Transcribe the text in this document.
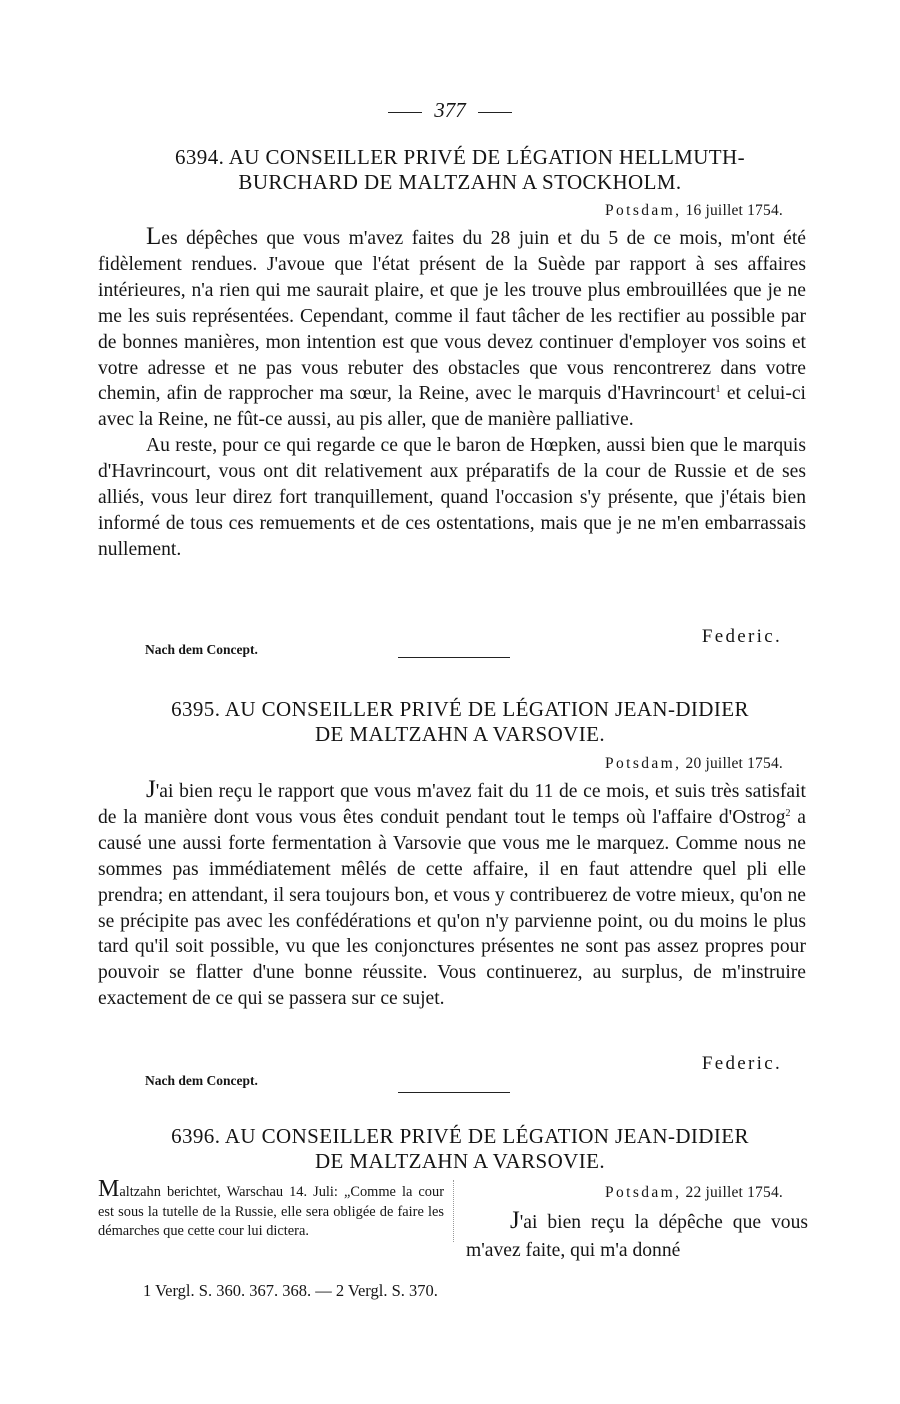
377
6394. AU CONSEILLER PRIVÉ DE LÉGATION HELLMUTH-
BURCHARD DE MALTZAHN A STOCKHOLM.
Potsdam, 16 juillet 1754.

Les dépêches que vous m'avez faites du 28 juin et du 5 de ce mois, m'ont été fidèlement rendues. J'avoue que l'état présent de la Suède par rapport à ses affaires intérieures, n'a rien qui me saurait plaire, et que je les trouve plus embrouillées que je ne me les suis représentées. Cependant, comme il faut tâcher de les rectifier au possible par de bonnes manières, mon intention est que vous devez continuer d'employer vos soins et votre adresse et ne pas vous rebuter des obstacles que vous rencontrerez dans votre chemin, afin de rapprocher ma sœur, la Reine, avec le marquis d'Havrincourt$^1$ et celui-ci avec la Reine, ne fût-ce aussi, au pis aller, que de manière palliative.

Au reste, pour ce qui regarde ce que le baron de Hœpken, aussi bien que le marquis d'Havrincourt, vous ont dit relativement aux préparatifs de la cour de Russie et de ses alliés, vous leur direz fort tranquillement, quand l'occasion s'y présente, que j'étais bien informé de tous ces remuements et de ces ostentations, mais que je ne m'en embarrassais nullement.

Federic.
Nach dem Concept.
6395. AU CONSEILLER PRIVÉ DE LÉGATION JEAN-DIDIER
DE MALTZAHN A VARSOVIE.
Potsdam, 20 juillet 1754.

J'ai bien reçu le rapport que vous m'avez fait du 11 de ce mois, et suis très satisfait de la manière dont vous vous êtes conduit pendant tout le temps où l'affaire d'Ostrog$^2$ a causé une aussi forte fermentation à Varsovie que vous me le marquez. Comme nous ne sommes pas immédiatement mêlés de cette affaire, il en faut attendre quel pli elle prendra; en attendant, il sera toujours bon, et vous y contribuerez de votre mieux, qu'on ne se précipite pas avec les confédérations et qu'on n'y parvienne point, ou du moins le plus tard qu'il soit possible, vu que les conjonctures présentes ne sont pas assez propres pour pouvoir se flatter d'une bonne réussite. Vous continuerez, au surplus, de m'instruire exactement de ce qui se passera sur ce sujet.

Federic.
Nach dem Concept.
6396. AU CONSEILLER PRIVÉ DE LÉGATION JEAN-DIDIER
DE MALTZAHN A VARSOVIE.
Maltzahn berichtet, Warschau 14. Juli: „Comme la cour est sous la tutelle de la Russie, elle sera obligée de faire les démarches que cette cour lui dictera.
Potsdam, 22 juillet 1754.

J'ai bien reçu la dépêche que vous m'avez faite, qui m'a donné

1 Vergl. S. 360. 367. 368. — 2 Vergl. S. 370.
